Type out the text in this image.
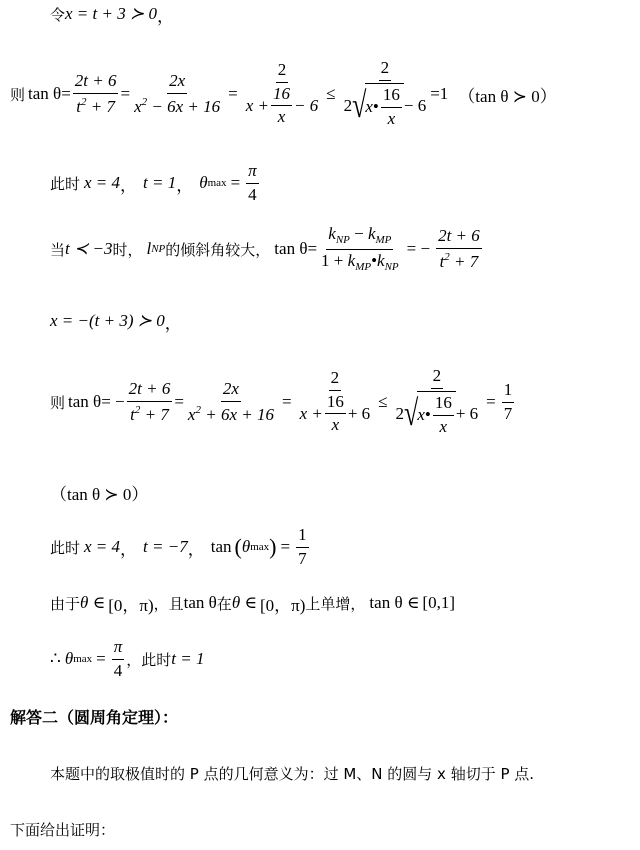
令 x = t + 3 ≻ 0 ，
则 $\tan \theta = \frac{2t + 6}{t^2 + 7} = \frac{2x}{x^2 - 6x + 16} = \frac{2}{x + \frac{16}{x} - 6}$ ≤
2
2 √ x • $\frac{16}{x} - 6$
=1 （tan θ ≻ 0）
此时 x = 4 ， t = 1 ， θ $\max = \frac{\pi}{4}$
当 t ≺ −3 时， l NP 的倾斜角较大， $\tan \theta= \frac{k_{NP} - k_{MP}}{1 + k_{MP}•k_{NP}}$ = − $\frac{2t + 6}{t^2 + 7}$
x = −(t + 3) ≻ 0 ，
则 tan θ = − $\frac{2t + 6}{t^2 + 7} = \frac{2x}{x^2 + 6x + 16} = \frac{2}{x + \frac{16}{x} + 6}$ ≤
2
2 √ x • $\frac{16}{x} + 6$
= $\frac{1}{7}$
（tan θ ≻ 0）
此时 x = 4 ， t = −7 ， tan ( θ max ) = $\frac{1}{7}$
由于 θ ∈ [0，π) ，且 tan θ 在 θ ∈ [0，π) 上单增， tan θ ∈ [0,1]
∴ θ $\max = \frac{\pi}{4}$ ，此时 t = 1
解答二（圆周角定理）：
本题中的取极值时的 P 点的几何意义为：过 M、N 的圆与 x 轴切于 P 点.
下面给出证明：
